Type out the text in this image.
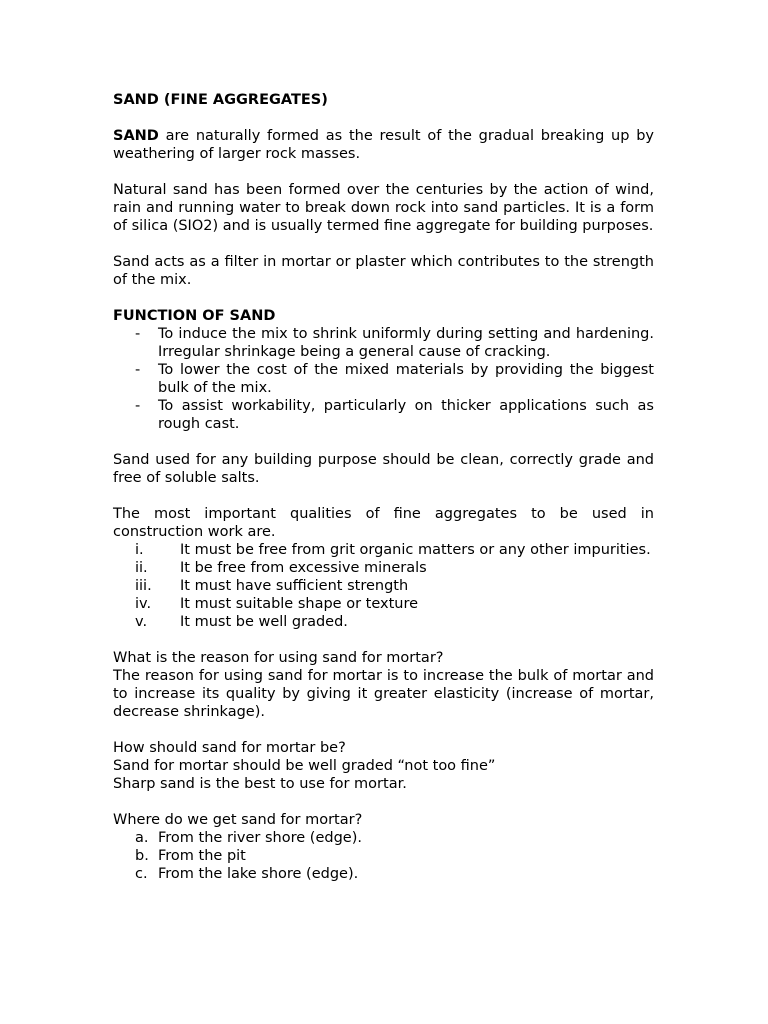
SAND (FINE AGGREGATES)

SAND are naturally formed as the result of the gradual breaking up by weathering of larger rock masses.

Natural sand has been formed over the centuries by the action of wind, rain and running water to break down rock into sand particles. It is a form of silica (SIO2) and is usually termed fine aggregate for building purposes.

Sand acts as a filter in mortar or plaster which contributes to the strength of the mix.

FUNCTION OF SAND

- To induce the mix to shrink uniformly during setting and hardening. Irregular shrinkage being a general cause of cracking.
- To lower the cost of the mixed materials by providing the biggest bulk of the mix.
- To assist workability, particularly on thicker applications such as rough cast.

Sand used for any building purpose should be clean, correctly grade and free of soluble salts.

The most important qualities of fine aggregates to be used in construction work are.

i.	It must be free from grit organic matters or any other impurities.
ii. It be free from excessive minerals
iii. It must have sufficient strength
iv. It must suitable shape or texture
v. It must be well graded.

What is the reason for using sand for mortar?

The reason for using sand for mortar is to increase the bulk of mortar and to increase its quality by giving it greater elasticity (increase of mortar, decrease shrinkage).

How should sand for mortar be?

Sand for mortar should be well graded “not too fine”

Sharp sand is the best to use for mortar.

Where do we get sand for mortar?

a. From the river shore (edge).
b. From the pit
c. From the lake shore (edge).
